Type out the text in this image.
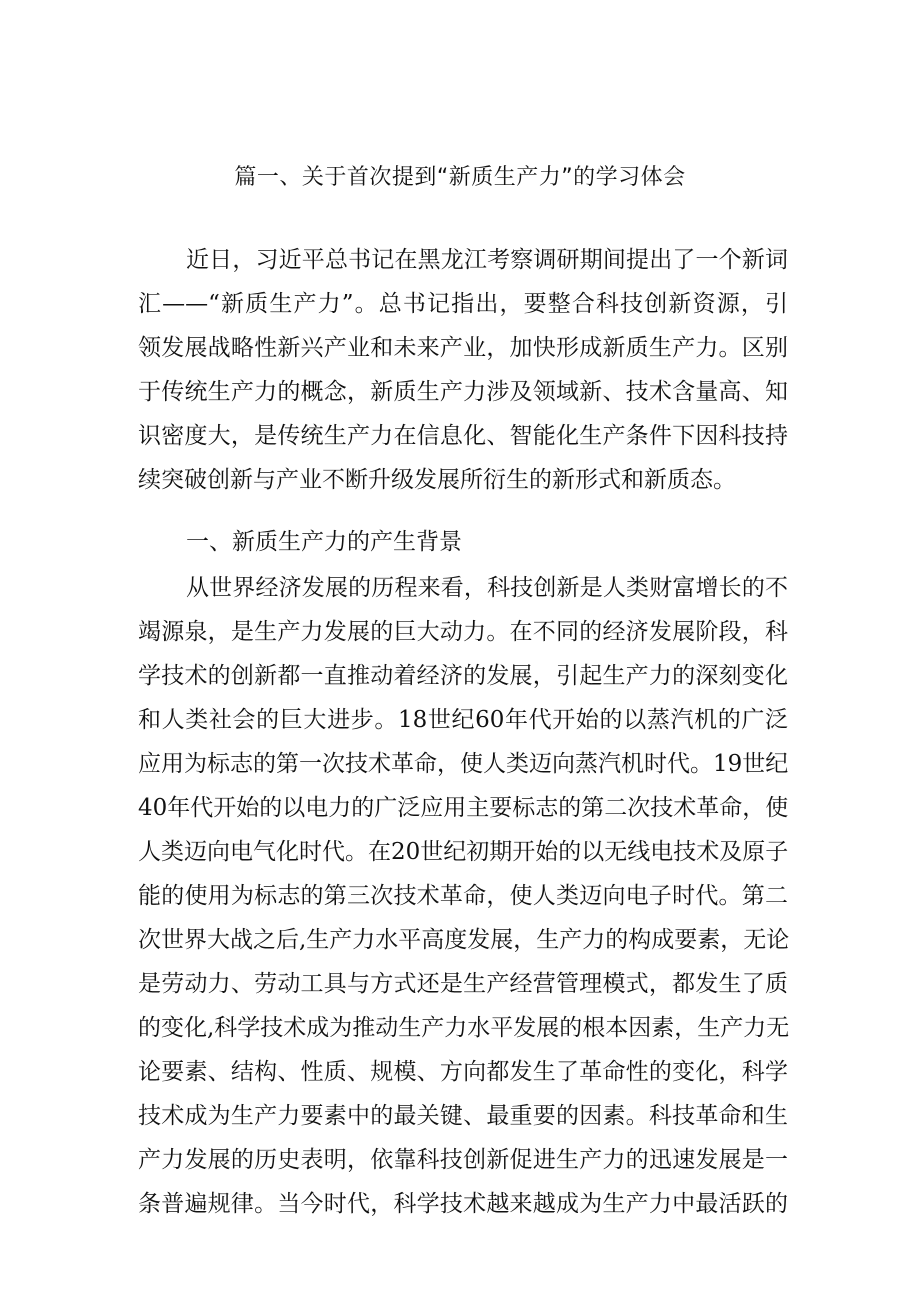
篇一、关于首次提到“新质生产力”的学习体会
近日，习近平总书记在黑龙江考察调研期间提出了一个新词
汇——“新质生产力”。总书记指出，要整合科技创新资源，引
领发展战略性新兴产业和未来产业，加快形成新质生产力。区别
于传统生产力的概念，新质生产力涉及领域新、技术含量高、知
识密度大，是传统生产力在信息化、智能化生产条件下因科技持
续突破创新与产业不断升级发展所衍生的新形式和新质态。
一、新质生产力的产生背景
从世界经济发展的历程来看，科技创新是人类财富增长的不
竭源泉，是生产力发展的巨大动力。在不同的经济发展阶段，科
学技术的创新都一直推动着经济的发展，引起生产力的深刻变化
和人类社会的巨大进步。18世纪60年代开始的以蒸汽机的广泛
应用为标志的第一次技术革命，使人类迈向蒸汽机时代。19世纪
40年代开始的以电力的广泛应用主要标志的第二次技术革命，使
人类迈向电气化时代。在20世纪初期开始的以无线电技术及原子
能的使用为标志的第三次技术革命，使人类迈向电子时代。第二
次世界大战之后,生产力水平高度发展，生产力的构成要素，无论
是劳动力、劳动工具与方式还是生产经营管理模式，都发生了质
的变化,科学技术成为推动生产力水平发展的根本因素，生产力无
论要素、结构、性质、规模、方向都发生了革命性的变化，科学
技术成为生产力要素中的最关键、最重要的因素。科技革命和生
产力发展的历史表明，依靠科技创新促进生产力的迅速发展是一
条普遍规律。当今时代，科学技术越来越成为生产力中最活跃的
